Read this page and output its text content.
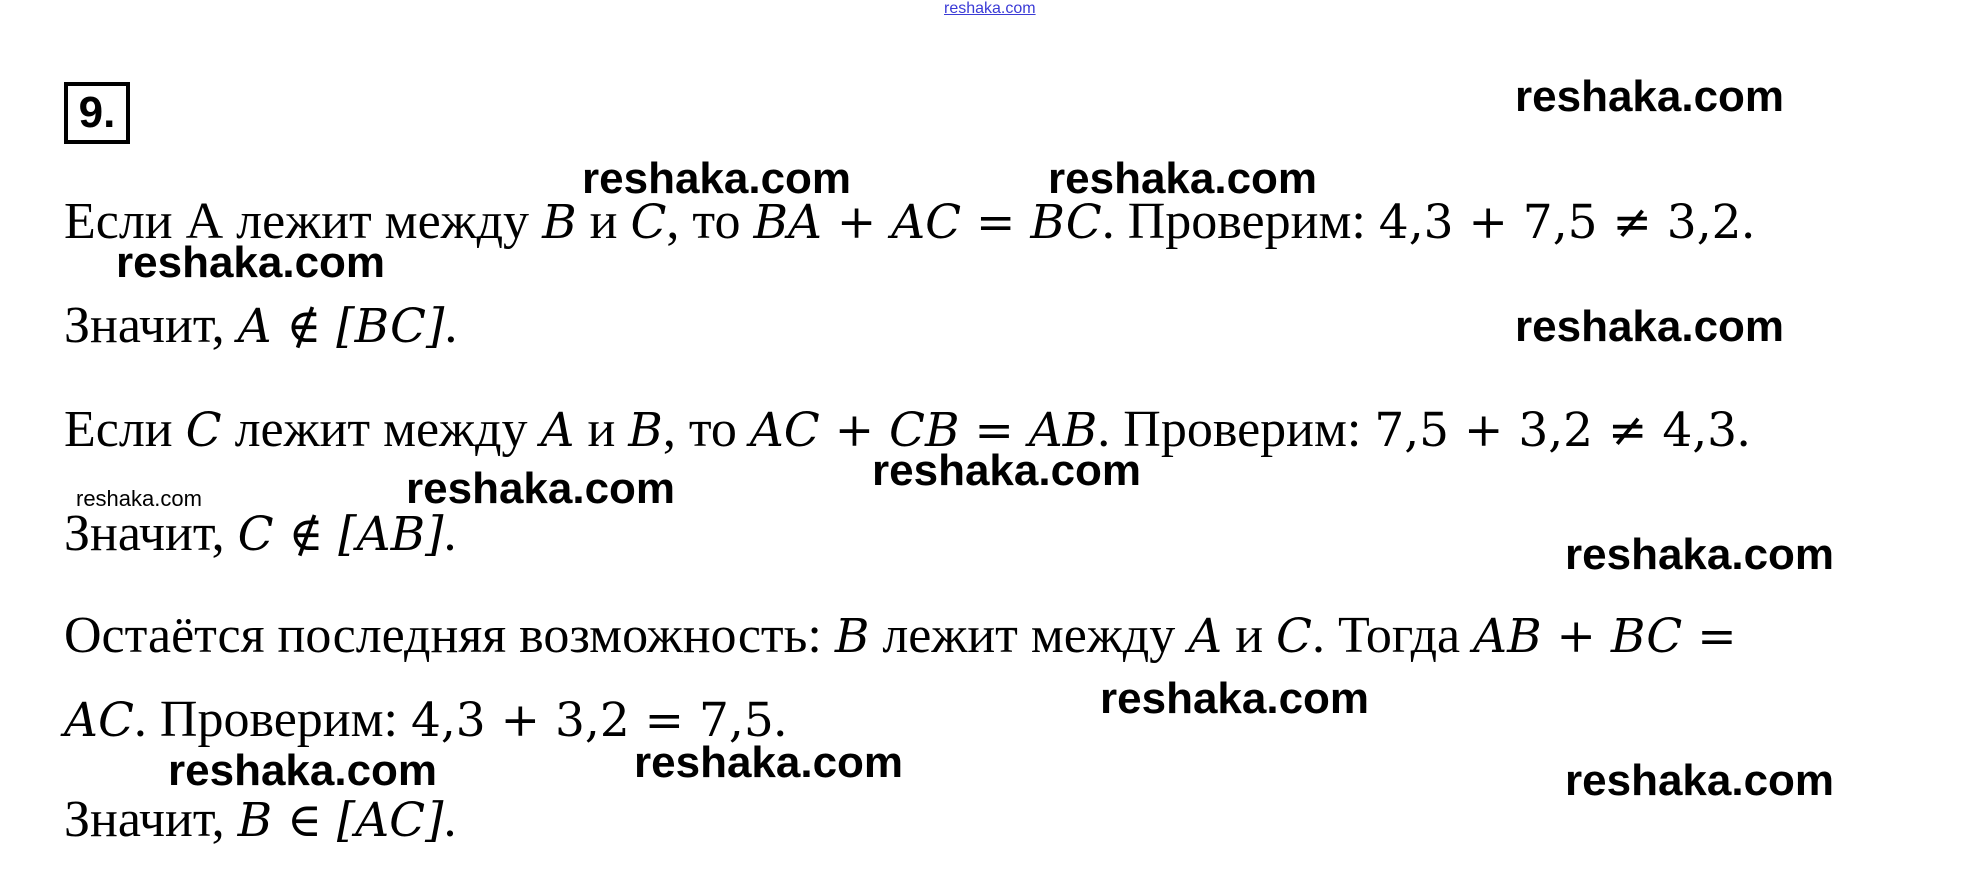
reshaka.com
9.
Если А лежит между B и C, то BA + AC = BC. Проверим: 4,3 + 7,5 ≠ 3,2.
Значит, A ∉ [BC].
Если C лежит между A и B, то AC + CB = AB. Проверим: 7,5 + 3,2 ≠ 4,3.
Значит, C ∉ [AB].
Остаётся последняя возможность: B лежит между A и C. Тогда AB + BC =
AC. Проверим: 4,3 + 3,2 = 7,5.
Значит, B ∈ [AC].
reshaka.com
reshaka.com	reshaka.com
reshaka.com
reshaka.com
reshaka.com
reshaka.com
reshaka.com
reshaka.com
reshaka.com
reshaka.com	reshaka.com	reshaka.com
